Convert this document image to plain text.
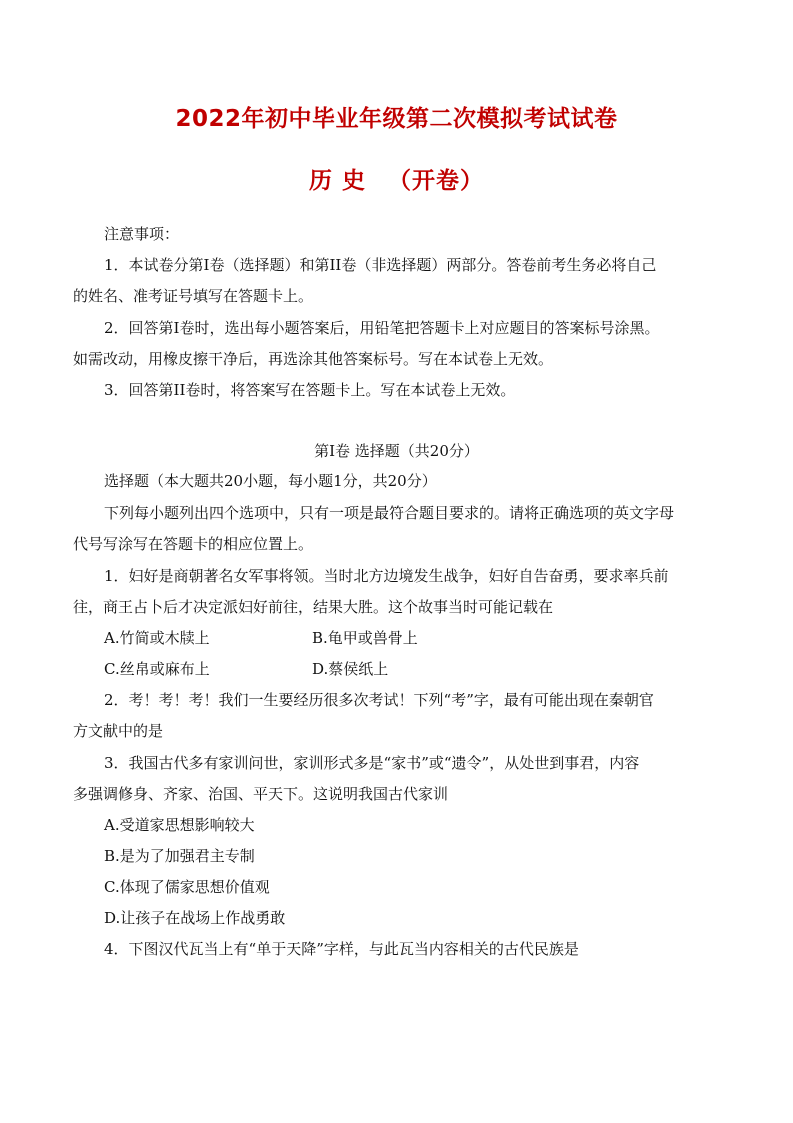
2022年初中毕业年级第二次模拟考试试卷
历 史 （开卷）
注意事项：
1．本试卷分第Ⅰ卷（选择题）和第II卷（非选择题）两部分。答卷前考生务必将自己
的姓名、准考证号填写在答题卡上。
2．回答第Ⅰ卷时，选出每小题答案后，用铅笔把答题卡上对应题目的答案标号涂黑。
如需改动，用橡皮擦干净后，再选涂其他答案标号。写在本试卷上无效。
3．回答第II卷时，将答案写在答题卡上。写在本试卷上无效。
第Ⅰ卷 选择题（共20分）
选择题（本大题共20小题，每小题1分，共20分）
下列每小题列出四个选项中，只有一项是最符合题目要求的。请将正确选项的英文字母
代号写涂写在答题卡的相应位置上。
1．妇好是商朝著名女军事将领。当时北方边境发生战争，妇好自告奋勇，要求率兵前
往，商王占卜后才决定派妇好前往，结果大胜。这个故事当时可能记载在
A.竹简或木牍上	B.龟甲或兽骨上
C.丝帛或麻布上	D.蔡侯纸上
2．考！考！考！我们一生要经历很多次考试！下列“考”字，最有可能出现在秦朝官
方文献中的是
3．我国古代多有家训问世，家训形式多是“家书”或“遗令”，从处世到事君，内容
多强调修身、齐家、治国、平天下。这说明我国古代家训
A.受道家思想影响较大
B.是为了加强君主专制
C.体现了儒家思想价值观
D.让孩子在战场上作战勇敢
4．下图汉代瓦当上有“单于天降”字样，与此瓦当内容相关的古代民族是
